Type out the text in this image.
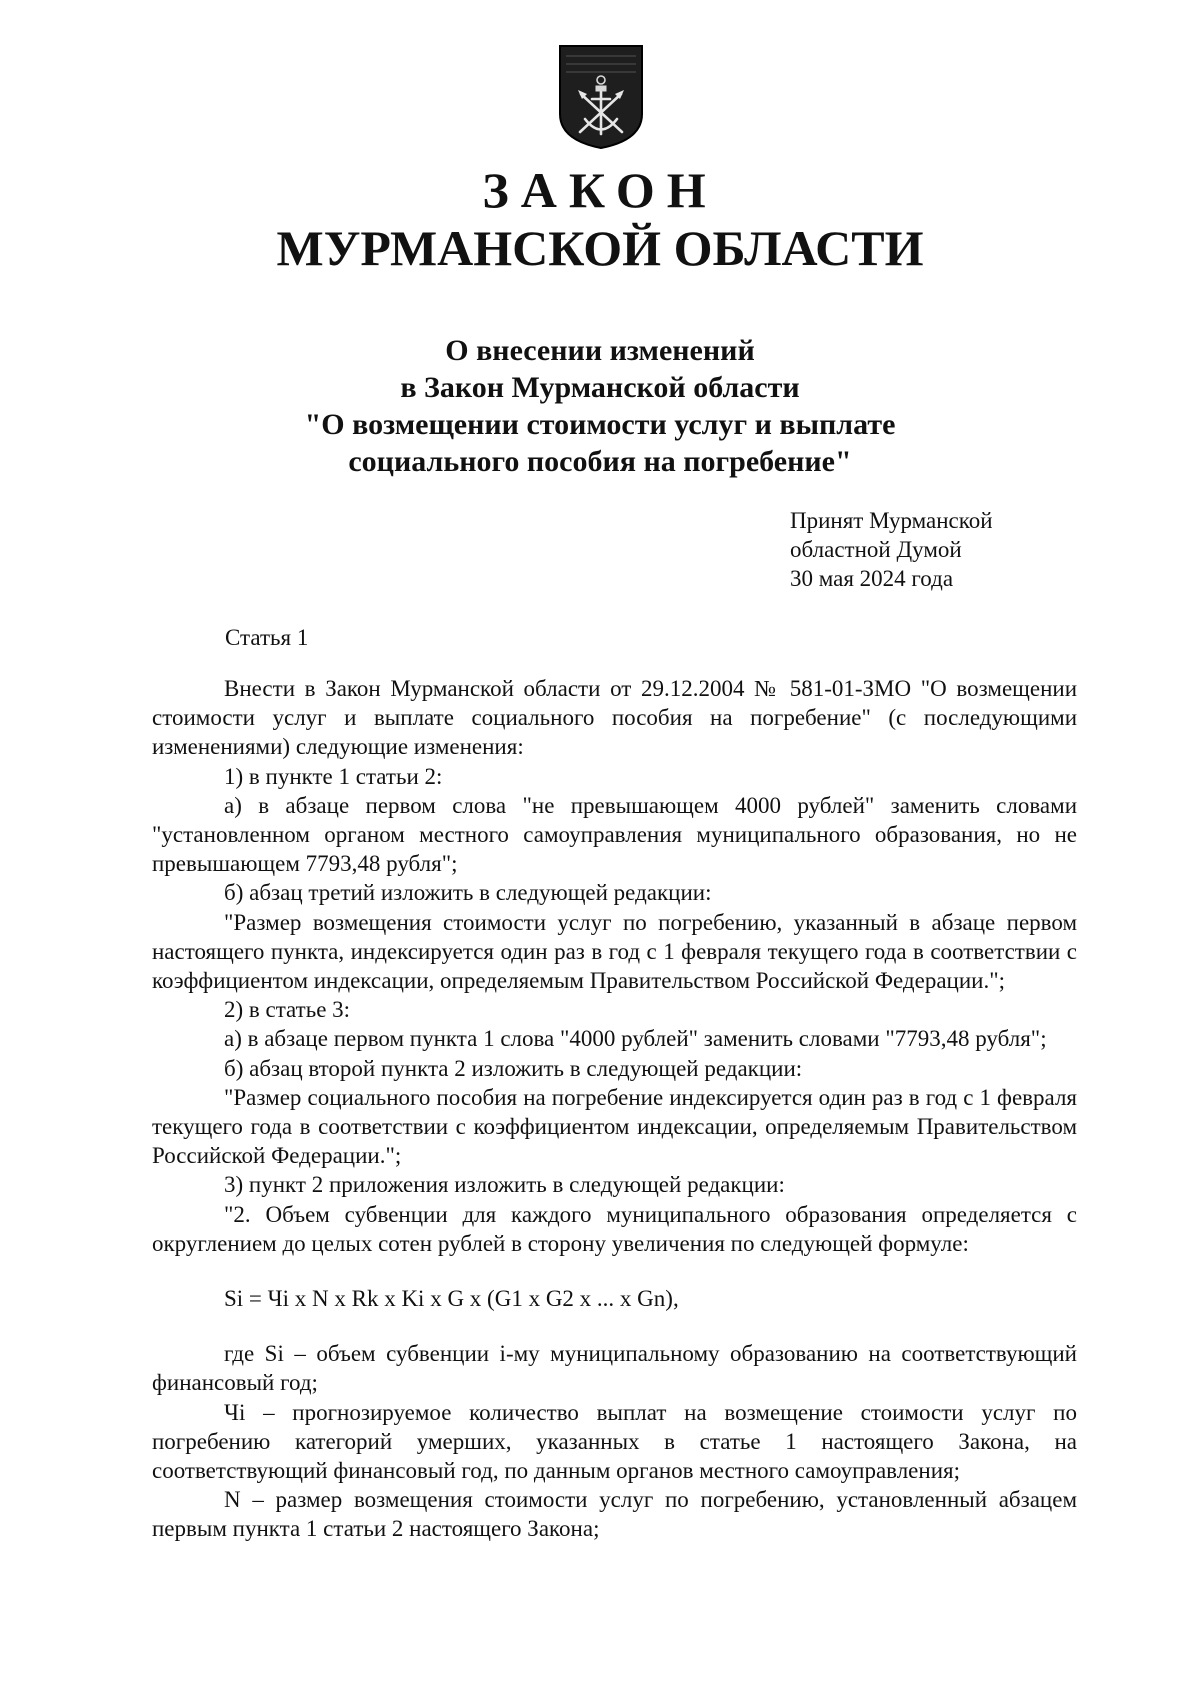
ЗАКОН
МУРМАНСКОЙ ОБЛАСТИ
О внесении изменений
в Закон Мурманской области
"О возмещении стоимости услуг и выплате
социального пособия на погребение"
Принят Мурманской
областной Думой
30 мая 2024 года
Статья 1

Внести в Закон Мурманской области от 29.12.2004 № 581-01-ЗМО "О возмещении стоимости услуг и выплате социального пособия на погребение" (с последующими изменениями) следующие изменения:

1) в пункте 1 статьи 2:

а) в абзаце первом слова "не превышающем 4000 рублей" заменить словами "установленном органом местного самоуправления муниципального образования, но не превышающем 7793,48 рубля";

б) абзац третий изложить в следующей редакции:

"Размер возмещения стоимости услуг по погребению, указанный в абзаце первом настоящего пункта, индексируется один раз в год с 1 февраля текущего года в соответствии с коэффициентом индексации, определяемым Правительством Российской Федерации.";

2) в статье 3:

а) в абзаце первом пункта 1 слова "4000 рублей" заменить словами "7793,48 рубля";

б) абзац второй пункта 2 изложить в следующей редакции:

"Размер социального пособия на погребение индексируется один раз в год с 1 февраля текущего года в соответствии с коэффициентом индексации, определяемым Правительством Российской Федерации.";

3) пункт 2 приложения изложить в следующей редакции:

"2. Объем субвенции для каждого муниципального образования определяется с округлением до целых сотен рублей в сторону увеличения по следующей формуле:

Si = Чi x N x Rk x Ki x G x (G1 x G2 x ... x Gn),

где Si – объем субвенции i-му муниципальному образованию на соответствующий финансовый год;

Чi – прогнозируемое количество выплат на возмещение стоимости услуг по погребению категорий умерших, указанных в статье 1 настоящего Закона, на соответствующий финансовый год, по данным органов местного самоуправления;

N – размер возмещения стоимости услуг по погребению, установленный абзацем первым пункта 1 статьи 2 настоящего Закона;
